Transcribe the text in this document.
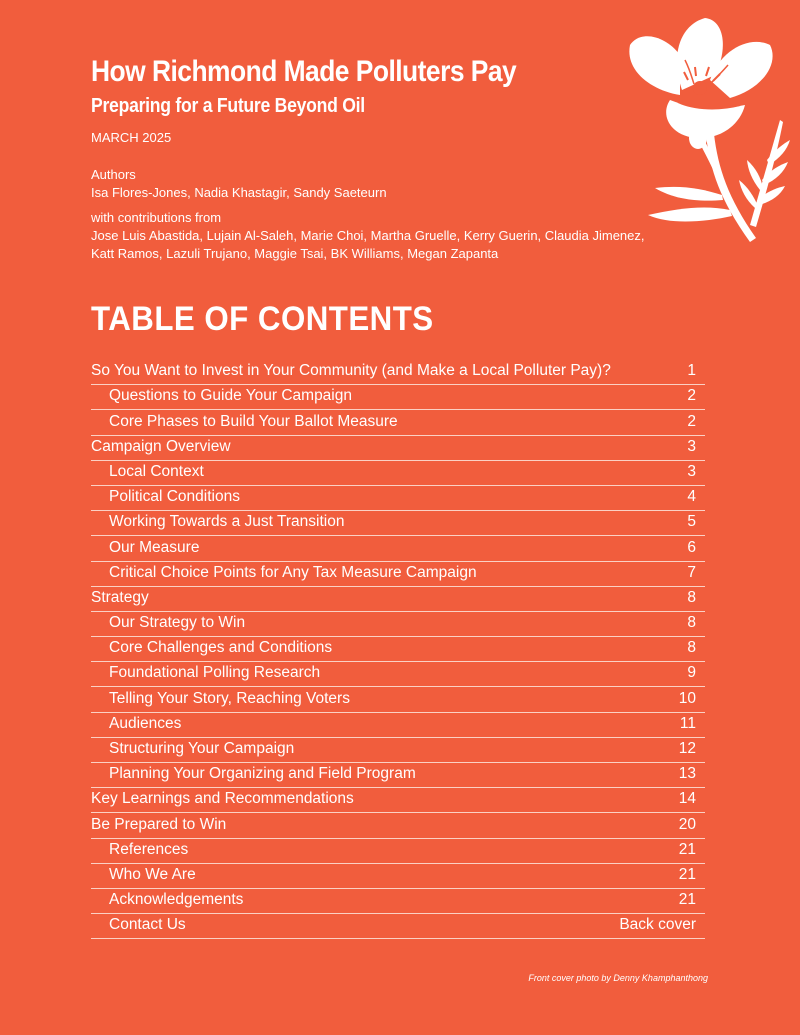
How Richmond Made Polluters Pay
Preparing for a Future Beyond Oil
MARCH 2025
Authors
Isa Flores-Jones, Nadia Khastagir, Sandy Saeteurn
with contributions from
Jose Luis Abastida, Lujain Al-Saleh, Marie Choi, Martha Gruelle, Kerry Guerin, Claudia Jimenez, Katt Ramos, Lazuli Trujano, Maggie Tsai, BK Williams, Megan Zapanta
TABLE OF CONTENTS
So You Want to Invest in Your Community (and Make a Local Polluter Pay)?	1
Questions to Guide Your Campaign	2
Core Phases to Build Your Ballot Measure	2
Campaign Overview	3
Local Context	3
Political Conditions	4
Working Towards a Just Transition	5
Our Measure	6
Critical Choice Points for Any Tax Measure Campaign	7
Strategy	8
Our Strategy to Win	8
Core Challenges and Conditions	8
Foundational Polling Research	9
Telling Your Story, Reaching Voters	10
Audiences	11
Structuring Your Campaign	12
Planning Your Organizing and Field Program	13
Key Learnings and Recommendations	14
Be Prepared to Win	20
References	21
Who We Are	21
Acknowledgements	21
Contact Us	Back cover
Front cover photo by Denny Khamphanthong
